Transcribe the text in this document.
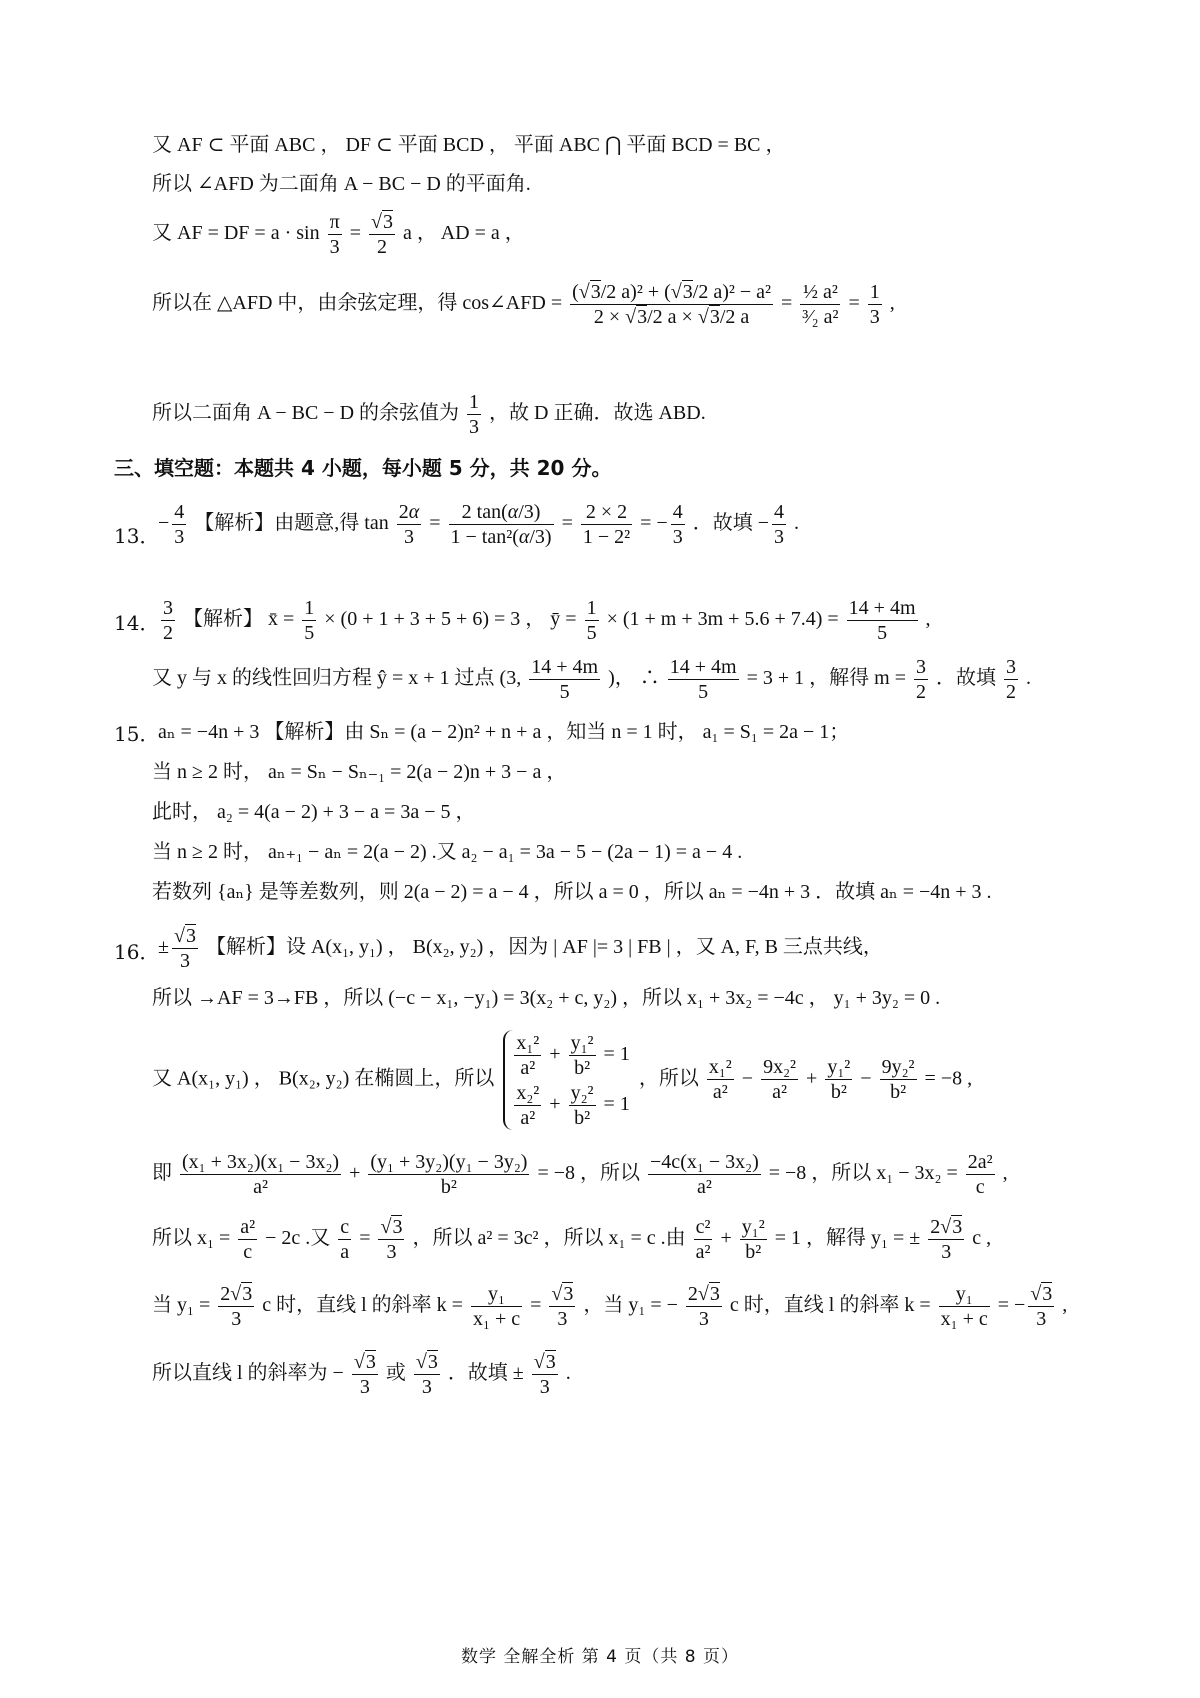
又 AF ⊂ 平面 ABC ， DF ⊂ 平面 BCD ， 平面 ABC ⋂ 平面 BCD = BC ，
所以 ∠AFD 为二面角 A − BC − D 的平面角.
又 AF = DF = $a \cdot \sin \frac{\pi}{3} = \frac{√3}{2}$ a ， AD = a ，
所以在 △AFD 中，由余弦定理，得 cos∠AFD = $\frac{\text{(√3/2 a)² + (√3/2 a)² − a²}}{2 \times √3/2 a \times √3/2 a} = \frac{\text{½ a²}}{\text{³⁄₂ a²}} = \frac{1}{3}$ ,
所以二面角 A − BC − D 的余弦值为 $\frac{1}{3}$ ，故 D 正确．故选 ABD.
三、填空题：本题共 4 小题，每小题 5 分，共 20 分。
13．
− $\frac{4}{3}$ 【解析】由题意,得 $\tan \frac{2\alpha}{3} = \frac{2 \tan(\alpha/3)}{\text{1 − tan²(α/3)}} = \frac{2 \times 2}{\text{1 − 2²}}$ = − $\frac{4}{3}$ ．故填 − $\frac{4}{3}$ .
14． $\frac{3}{2}$ 【解析】 x̄ = $\frac{1}{5} \times (0 + 1 + 3 + 5 + 6) = 3$ ， ȳ = $\frac{1}{5} \times (1 + m + 3m + 5.6 + 7.4) = \frac{14 + 4m}{5}$ ,
又 y 与 x 的线性回归方程 ŷ = x + 1 过点 (3, $\frac{14 + 4m}{5}$ )， ∴ $\frac{14 + 4m}{5} = 3 + 1$ ，解得 $m = \frac{3}{2}$ ．故填 $\frac{3}{2}$ .
15．
aₙ = −4n + 3 【解析】由 Sₙ = (a − 2)n² + n + a ，知当 n = 1 时， a₁ = S₁ = 2a − 1；
当 n ≥ 2 时， aₙ = Sₙ − Sₙ₋₁ = 2(a − 2)n + 3 − a ，
此时， a₂ = 4(a − 2) + 3 − a = 3a − 5 ，
当 n ≥ 2 时， aₙ₊₁ − aₙ = 2(a − 2) .又 a₂ − a₁ = 3a − 5 − (2a − 1) = a − 4 .
若数列 {aₙ} 是等差数列，则 2(a − 2) = a − 4 ，所以 a = 0 ，所以 aₙ = −4n + 3 ．故填 aₙ = −4n + 3 .
16．
± $\frac{√3}{3}$ 【解析】设 A(x₁, y₁) ， B(x₂, y₂) ，因为 | AF |= 3 | FB | ，又 A, F, B 三点共线，
所以 →AF = 3→FB ，所以 (−c − x₁, −y₁) = 3(x₂ + c, y₂) ，所以 x₁ + 3x₂ = −4c ， y₁ + 3y₂ = 0 .
又 A(x₁, y₁) ， B(x₂, y₂) 在椭圆上，所以 $\frac{\text{x₁²}}{\text{a²}} + \frac{\text{y₁²}}{\text{b²}} = 1$
$\frac{\text{x₂²}}{\text{a²}} + \frac{\text{y₂²}}{\text{b²}} = 1$
，所以 $\frac{\text{x₁²}}{\text{a²}} - \frac{\text{9x₂²}}{\text{a²}} + \frac{\text{y₁²}}{\text{b²}} - \frac{\text{9y₂²}}{\text{b²}} = -8$ ,
即 $\frac{\text{(x₁ + 3x₂)(x₁ − 3x₂)}}{\text{a²}} + \frac{\text{(y₁ + 3y₂)(y₁ − 3y₂)}}{\text{b²}} = -8$ ，所以 $\frac{\text{−4c(x₁ − 3x₂)}}{\text{a²}} = -8$ ，所以 $x_1 - 3x_2 = \frac{\text{2a²}}{c}$ ,
所以 $x_1 = \frac{\text{a²}}{c} - 2c$ .又 $\frac{c}{a} = \frac{√3}{3}$ ，所以 a² = 3c² ，所以 x₁ = c .由 $\frac{\text{c²}}{\text{a²}} + \frac{\text{y₁²}}{\text{b²}} = 1$ ，解得 y₁ = ± $\frac{2√3}{3}$ c ,
当 $y_1 = \frac{2√3}{3}$ c 时，直线 l 的斜率 $k = \frac{\text{y₁}}{\text{x₁ + c}} = \frac{√3}{3}$ ，当 y₁ = − $\frac{2√3}{3}$ c 时，直线 l 的斜率 $k = \frac{\text{y₁}}{\text{x₁ + c}}$ = − $\frac{√3}{3}$ ,
所以直线 l 的斜率为 − $\frac{√3}{3}$ 或 $\frac{√3}{3}$ ．故填 ± $\frac{√3}{3}$ .
数学 全解全析 第 4 页（共 8 页）
